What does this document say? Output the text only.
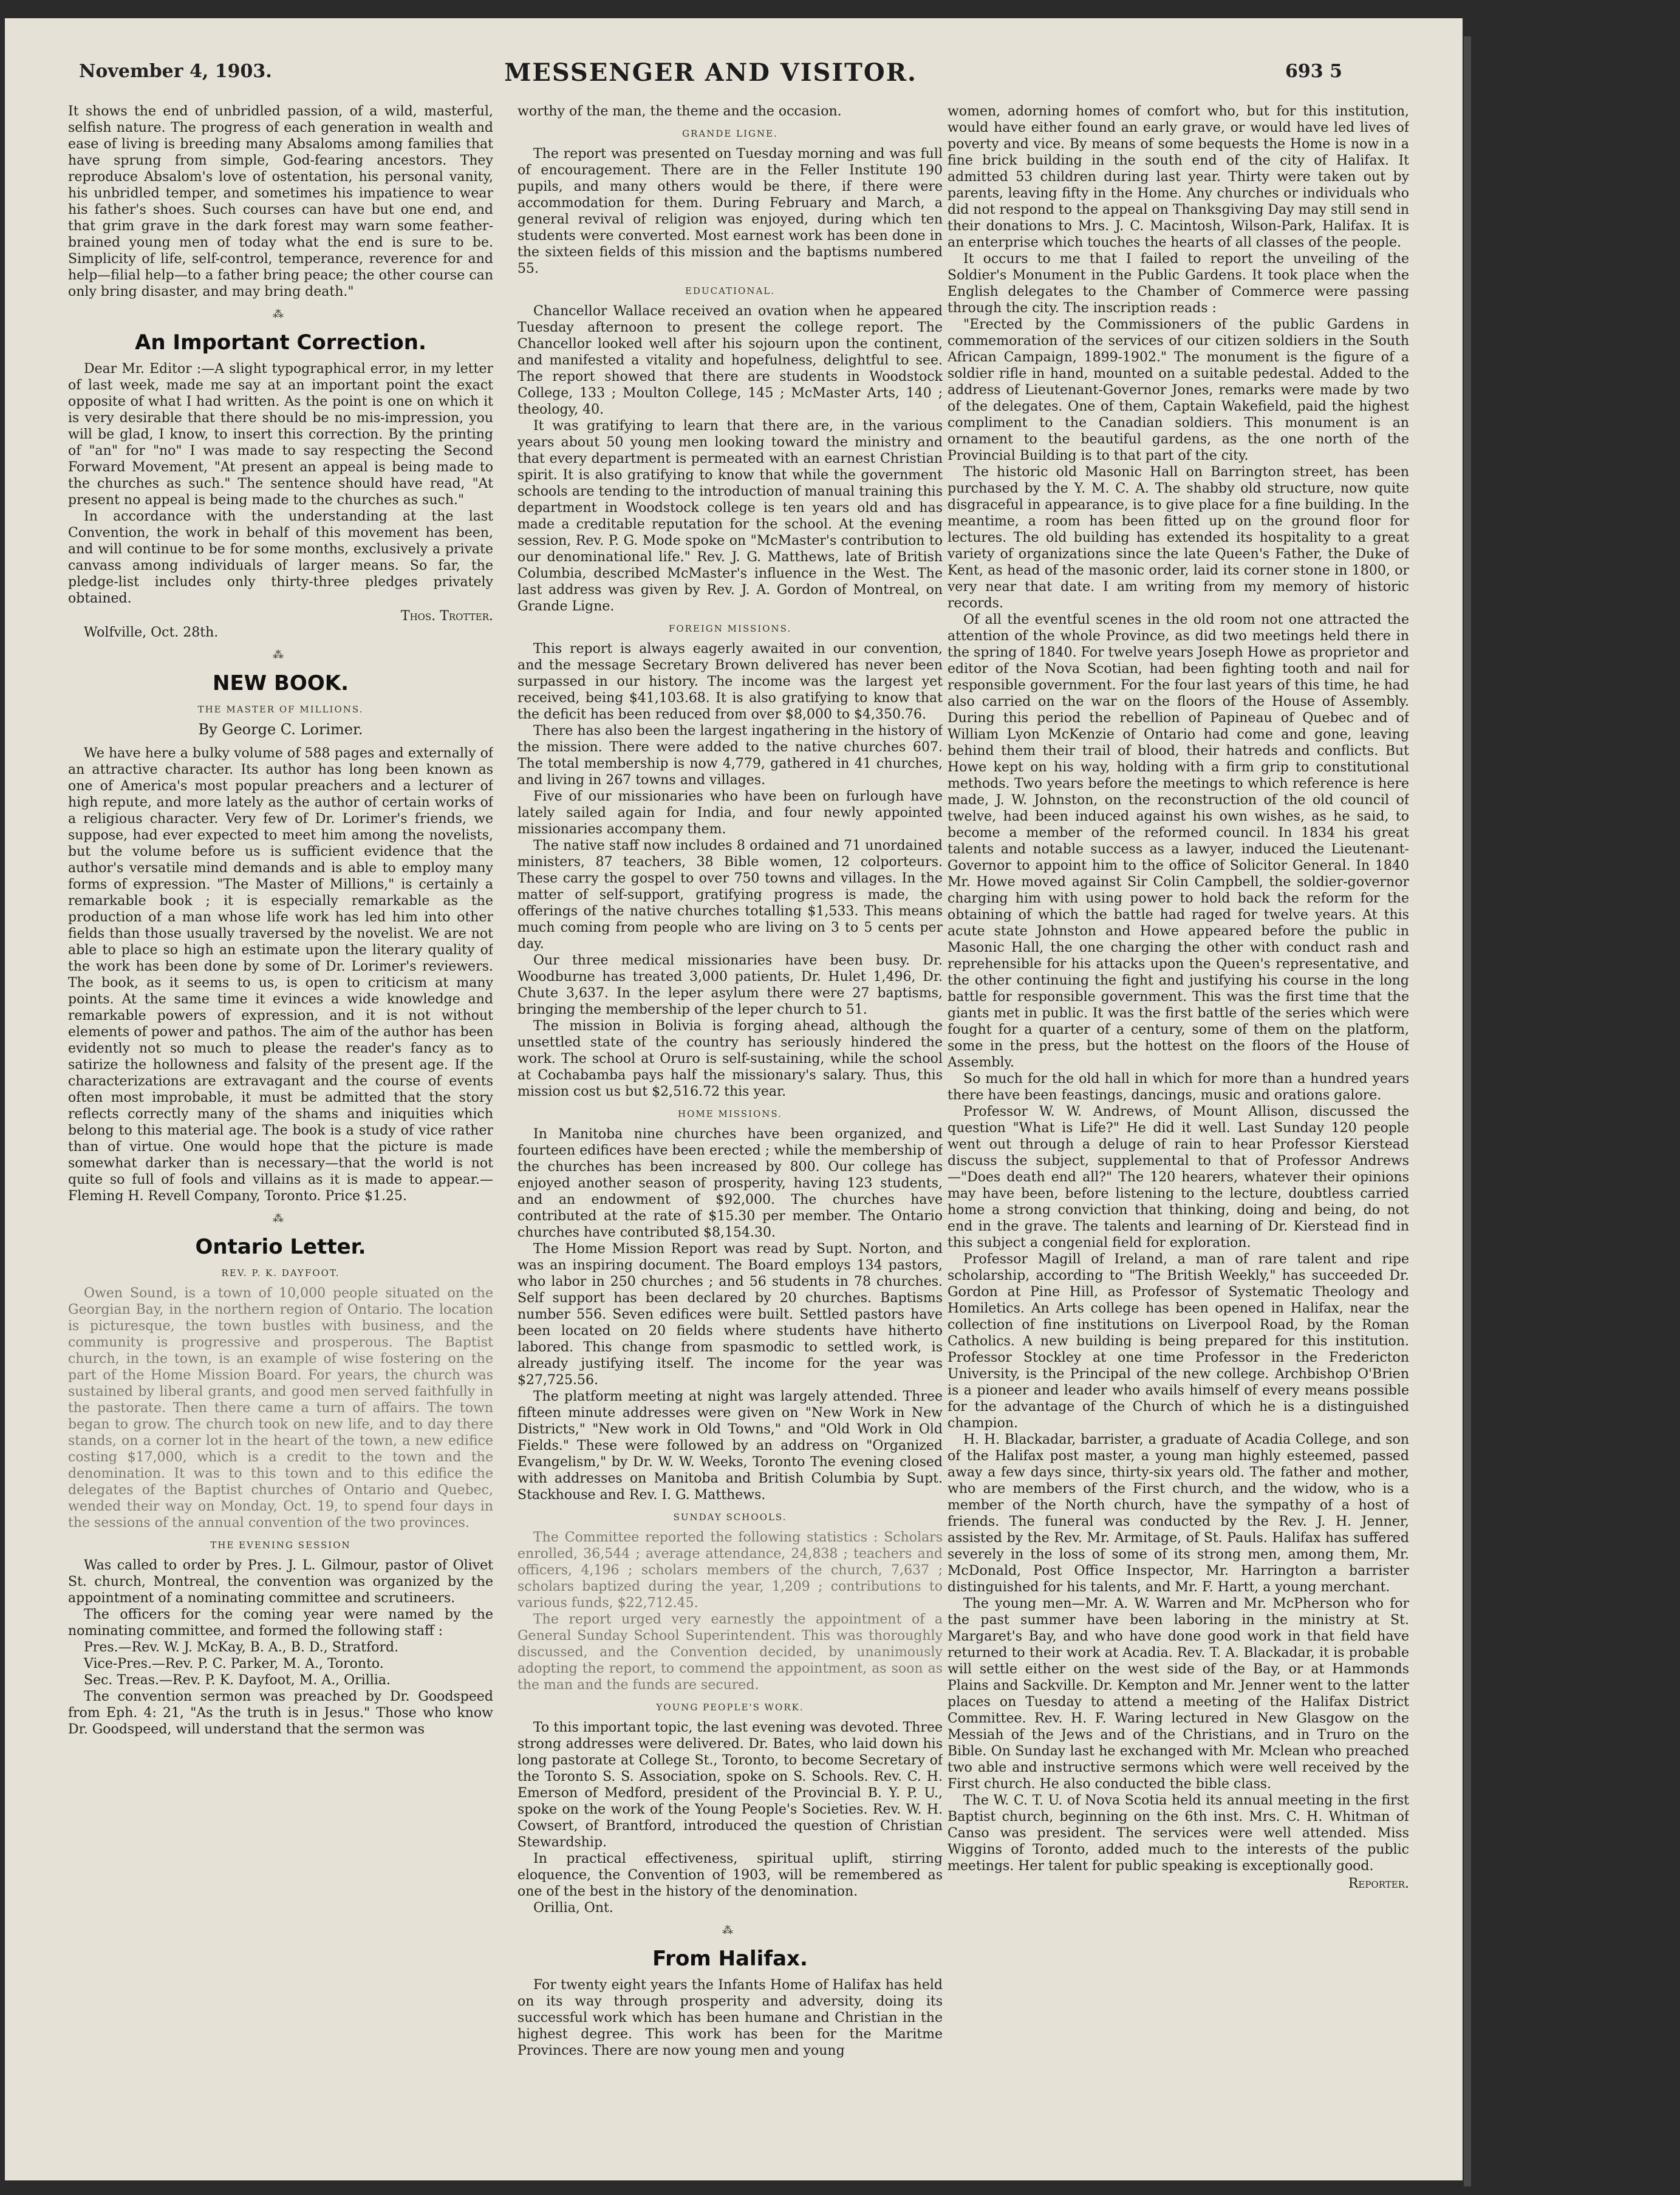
November 4, 1903.	MESSENGER AND VISITOR.	693 5

It shows the end of unbridled passion, of a wild, masterful, selfish nature. The progress of each generation in wealth and ease of living is breeding many Absaloms among families that have sprung from simple, God-fearing ancestors. They reproduce Absalom's love of ostentation, his personal vanity, his unbridled temper, and sometimes his impatience to wear his father's shoes. Such courses can have but one end, and that grim grave in the dark forest may warn some feather-brained young men of today what the end is sure to be. Simplicity of life, self-control, temperance, reverence for and help—filial help—to a father bring peace; the other course can only bring disaster, and may bring death."

⁂
An Important Correction.

Dear Mr. Editor :—A slight typographical error, in my letter of last week, made me say at an important point the exact opposite of what I had written. As the point is one on which it is very desirable that there should be no mis-impression, you will be glad, I know, to insert this correction. By the printing of "an" for "no" I was made to say respecting the Second Forward Movement, "At present an appeal is being made to the churches as such." The sentence should have read, "At present no appeal is being made to the churches as such."

In accordance with the understanding at the last Convention, the work in behalf of this movement has been, and will continue to be for some months, exclusively a private canvass among individuals of larger means. So far, the pledge-list includes only thirty-three pledges privately obtained.

Thos. Trotter.

Wolfville, Oct. 28th.

⁂
NEW BOOK.
THE MASTER OF MILLIONS.
By George C. Lorimer.

We have here a bulky volume of 588 pages and externally of an attractive character. Its author has long been known as one of America's most popular preachers and a lecturer of high repute, and more lately as the author of certain works of a religious character. Very few of Dr. Lorimer's friends, we suppose, had ever expected to meet him among the novelists, but the volume before us is sufficient evidence that the author's versatile mind demands and is able to employ many forms of expression. "The Master of Millions," is certainly a remarkable book ; it is especially remarkable as the production of a man whose life work has led him into other fields than those usually traversed by the novelist. We are not able to place so high an estimate upon the literary quality of the work has been done by some of Dr. Lorimer's reviewers. The book, as it seems to us, is open to criticism at many points. At the same time it evinces a wide knowledge and remarkable powers of expression, and it is not without elements of power and pathos. The aim of the author has been evidently not so much to please the reader's fancy as to satirize the hollowness and falsity of the present age. If the characterizations are extravagant and the course of events often most improbable, it must be admitted that the story reflects correctly many of the shams and iniquities which belong to this material age. The book is a study of vice rather than of virtue. One would hope that the picture is made somewhat darker than is necessary—that the world is not quite so full of fools and villains as it is made to appear.—Fleming H. Revell Company, Toronto. Price $1.25.

⁂
Ontario Letter.
REV. P. K. DAYFOOT.

Owen Sound, is a town of 10,000 people situated on the Georgian Bay, in the northern region of Ontario. The location is picturesque, the town bustles with business, and the community is progressive and prosperous. The Baptist church, in the town, is an example of wise fostering on the part of the Home Mission Board. For years, the church was sustained by liberal grants, and good men served faithfully in the pastorate. Then there came a turn of affairs. The town began to grow. The church took on new life, and to day there stands, on a corner lot in the heart of the town, a new edifice costing $17,000, which is a credit to the town and the denomination. It was to this town and to this edifice the delegates of the Baptist churches of Ontario and Quebec, wended their way on Monday, Oct. 19, to spend four days in the sessions of the annual convention of the two provinces.

THE EVENING SESSION

Was called to order by Pres. J. L. Gilmour, pastor of Olivet St. church, Montreal, the convention was organized by the appointment of a nominating committee and scrutineers.

The officers for the coming year were named by the nominating committee, and formed the following staff :

Pres.—Rev. W. J. McKay, B. A., B. D., Stratford.
Vice-Pres.—Rev. P. C. Parker, M. A., Toronto.
Sec. Treas.—Rev. P. K. Dayfoot, M. A., Orillia.

The convention sermon was preached by Dr. Goodspeed from Eph. 4: 21, "As the truth is in Jesus." Those who know Dr. Goodspeed, will understand that the sermon was

worthy of the man, the theme and the occasion.

GRANDE LIGNE.

The report was presented on Tuesday morning and was full of encouragement. There are in the Feller Institute 190 pupils, and many others would be there, if there were accommodation for them. During February and March, a general revival of religion was enjoyed, during which ten students were converted. Most earnest work has been done in the sixteen fields of this mission and the baptisms numbered 55.

EDUCATIONAL.

Chancellor Wallace received an ovation when he appeared Tuesday afternoon to present the college report. The Chancellor looked well after his sojourn upon the continent, and manifested a vitality and hopefulness, delightful to see. The report showed that there are students in Woodstock College, 133 ; Moulton College, 145 ; McMaster Arts, 140 ; theology, 40.

It was gratifying to learn that there are, in the various years about 50 young men looking toward the ministry and that every department is permeated with an earnest Christian spirit. It is also gratifying to know that while the government schools are tending to the introduction of manual training this department in Woodstock college is ten years old and has made a creditable reputation for the school. At the evening session, Rev. P. G. Mode spoke on "McMaster's contribution to our denominational life." Rev. J. G. Matthews, late of British Columbia, described McMaster's influence in the West. The last address was given by Rev. J. A. Gordon of Montreal, on Grande Ligne.

FOREIGN MISSIONS.

This report is always eagerly awaited in our convention, and the message Secretary Brown delivered has never been surpassed in our history. The income was the largest yet received, being $41,103.68. It is also gratifying to know that the deficit has been reduced from over $8,000 to $4,350.76.

There has also been the largest ingathering in the history of the mission. There were added to the native churches 607. The total membership is now 4,779, gathered in 41 churches, and living in 267 towns and villages.

Five of our missionaries who have been on furlough have lately sailed again for India, and four newly appointed missionaries accompany them.

The native staff now includes 8 ordained and 71 unordained ministers, 87 teachers, 38 Bible women, 12 colporteurs. These carry the gospel to over 750 towns and villages. In the matter of self-support, gratifying progress is made, the offerings of the native churches totalling $1,533. This means much coming from people who are living on 3 to 5 cents per day.

Our three medical missionaries have been busy. Dr. Woodburne has treated 3,000 patients, Dr. Hulet 1,496, Dr. Chute 3,637. In the leper asylum there were 27 baptisms, bringing the membership of the leper church to 51.

The mission in Bolivia is forging ahead, although the unsettled state of the country has seriously hindered the work. The school at Oruro is self-sustaining, while the school at Cochabamba pays half the missionary's salary. Thus, this mission cost us but $2,516.72 this year.

HOME MISSIONS.

In Manitoba nine churches have been organized, and fourteen edifices have been erected ; while the membership of the churches has been increased by 800. Our college has enjoyed another season of prosperity, having 123 students, and an endowment of $92,000. The churches have contributed at the rate of $15.30 per member. The Ontario churches have contributed $8,154.30.

The Home Mission Report was read by Supt. Norton, and was an inspiring document. The Board employs 134 pastors, who labor in 250 churches ; and 56 students in 78 churches. Self support has been declared by 20 churches. Baptisms number 556. Seven edifices were built. Settled pastors have been located on 20 fields where students have hitherto labored. This change from spasmodic to settled work, is already justifying itself. The income for the year was $27,725.56.

The platform meeting at night was largely attended. Three fifteen minute addresses were given on "New Work in New Districts," "New work in Old Towns," and "Old Work in Old Fields." These were followed by an address on "Organized Evangelism," by Dr. W. W. Weeks, Toronto The evening closed with addresses on Manitoba and British Columbia by Supt. Stackhouse and Rev. I. G. Matthews.

SUNDAY SCHOOLS.

The Committee reported the following statistics : Scholars enrolled, 36,544 ; average attendance, 24,838 ; teachers and officers, 4,196 ; scholars members of the church, 7,637 ; scholars baptized during the year, 1,209 ; contributions to various funds, $22,712.45.

The report urged very earnestly the appointment of a General Sunday School Superintendent. This was thoroughly discussed, and the Convention decided, by unanimously adopting the report, to commend the appointment, as soon as the man and the funds are secured.

YOUNG PEOPLE'S WORK.

To this important topic, the last evening was devoted. Three strong addresses were delivered. Dr. Bates, who laid down his long pastorate at College St., Toronto, to become Secretary of the Toronto S. S. Association, spoke on S. Schools. Rev. C. H. Emerson of Medford, president of the Provincial B. Y. P. U., spoke on the work of the Young People's Societies. Rev. W. H. Cowsert, of Brantford, introduced the question of Christian Stewardship.

In practical effectiveness, spiritual uplift, stirring eloquence, the Convention of 1903, will be remembered as one of the best in the history of the denomination.

Orillia, Ont.

⁂
From Halifax.

For twenty eight years the Infants Home of Halifax has held on its way through prosperity and adversity, doing its successful work which has been humane and Christian in the highest degree. This work has been for the Maritme Provinces. There are now young men and young

women, adorning homes of comfort who, but for this institution, would have either found an early grave, or would have led lives of poverty and vice. By means of some bequests the Home is now in a fine brick building in the south end of the city of Halifax. It admitted 53 children during last year. Thirty were taken out by parents, leaving fifty in the Home. Any churches or individuals who did not respond to the appeal on Thanksgiving Day may still send in their donations to Mrs. J. C. Macintosh, Wilson-Park, Halifax. It is an enterprise which touches the hearts of all classes of the people.

It occurs to me that I failed to report the unveiling of the Soldier's Monument in the Public Gardens. It took place when the English delegates to the Chamber of Commerce were passing through the city. The inscription reads :

"Erected by the Commissioners of the public Gardens in commemoration of the services of our citizen soldiers in the South African Campaign, 1899-1902." The monument is the figure of a soldier rifle in hand, mounted on a suitable pedestal. Added to the address of Lieutenant-Governor Jones, remarks were made by two of the delegates. One of them, Captain Wakefield, paid the highest compliment to the Canadian soldiers. This monument is an ornament to the beautiful gardens, as the one north of the Provincial Building is to that part of the city.

The historic old Masonic Hall on Barrington street, has been purchased by the Y. M. C. A. The shabby old structure, now quite disgraceful in appearance, is to give place for a fine building. In the meantime, a room has been fitted up on the ground floor for lectures. The old building has extended its hospitality to a great variety of organizations since the late Queen's Father, the Duke of Kent, as head of the masonic order, laid its corner stone in 1800, or very near that date. I am writing from my memory of historic records.

Of all the eventful scenes in the old room not one attracted the attention of the whole Province, as did two meetings held there in the spring of 1840. For twelve years Joseph Howe as proprietor and editor of the Nova Scotian, had been fighting tooth and nail for responsible government. For the four last years of this time, he had also carried on the war on the floors of the House of Assembly. During this period the rebellion of Papineau of Quebec and of William Lyon McKenzie of Ontario had come and gone, leaving behind them their trail of blood, their hatreds and conflicts. But Howe kept on his way, holding with a firm grip to constitutional methods. Two years before the meetings to which reference is here made, J. W. Johnston, on the reconstruction of the old council of twelve, had been induced against his own wishes, as he said, to become a member of the reformed council. In 1834 his great talents and notable success as a lawyer, induced the Lieutenant-Governor to appoint him to the office of Solicitor General. In 1840 Mr. Howe moved against Sir Colin Campbell, the soldier-governor charging him with using power to hold back the reform for the obtaining of which the battle had raged for twelve years. At this acute state Johnston and Howe appeared before the public in Masonic Hall, the one charging the other with conduct rash and reprehensible for his attacks upon the Queen's representative, and the other continuing the fight and justifying his course in the long battle for responsible government. This was the first time that the giants met in public. It was the first battle of the series which were fought for a quarter of a century, some of them on the platform, some in the press, but the hottest on the floors of the House of Assembly.

So much for the old hall in which for more than a hundred years there have been feastings, dancings, music and orations galore.

Professor W. W. Andrews, of Mount Allison, discussed the question "What is Life?" He did it well. Last Sunday 120 people went out through a deluge of rain to hear Professor Kierstead discuss the subject, supplemental to that of Professor Andrews—"Does death end all?" The 120 hearers, whatever their opinions may have been, before listening to the lecture, doubtless carried home a strong conviction that thinking, doing and being, do not end in the grave. The talents and learning of Dr. Kierstead find in this subject a congenial field for exploration.

Professor Magill of Ireland, a man of rare talent and ripe scholarship, according to "The British Weekly," has succeeded Dr. Gordon at Pine Hill, as Professor of Systematic Theology and Homiletics. An Arts college has been opened in Halifax, near the collection of fine institutions on Liverpool Road, by the Roman Catholics. A new building is being prepared for this institution. Professor Stockley at one time Professor in the Fredericton University, is the Principal of the new college. Archbishop O'Brien is a pioneer and leader who avails himself of every means possible for the advantage of the Church of which he is a distinguished champion.

H. H. Blackadar, barrister, a graduate of Acadia College, and son of the Halifax post master, a young man highly esteemed, passed away a few days since, thirty-six years old. The father and mother, who are members of the First church, and the widow, who is a member of the North church, have the sympathy of a host of friends. The funeral was conducted by the Rev. J. H. Jenner, assisted by the Rev. Mr. Armitage, of St. Pauls. Halifax has suffered severely in the loss of some of its strong men, among them, Mr. McDonald, Post Office Inspector, Mr. Harrington a barrister distinguished for his talents, and Mr. F. Hartt, a young merchant.

The young men—Mr. A. W. Warren and Mr. McPherson who for the past summer have been laboring in the ministry at St. Margaret's Bay, and who have done good work in that field have returned to their work at Acadia. Rev. T. A. Blackadar, it is probable will settle either on the west side of the Bay, or at Hammonds Plains and Sackville. Dr. Kempton and Mr. Jenner went to the latter places on Tuesday to attend a meeting of the Halifax District Committee. Rev. H. F. Waring lectured in New Glasgow on the Messiah of the Jews and of the Christians, and in Truro on the Bible. On Sunday last he exchanged with Mr. Mclean who preached two able and instructive sermons which were well received by the First church. He also conducted the bible class.

The W. C. T. U. of Nova Scotia held its annual meeting in the first Baptist church, beginning on the 6th inst. Mrs. C. H. Whitman of Canso was president. The services were well attended. Miss Wiggins of Toronto, added much to the interests of the public meetings. Her talent for public speaking is exceptionally good.

Reporter.
